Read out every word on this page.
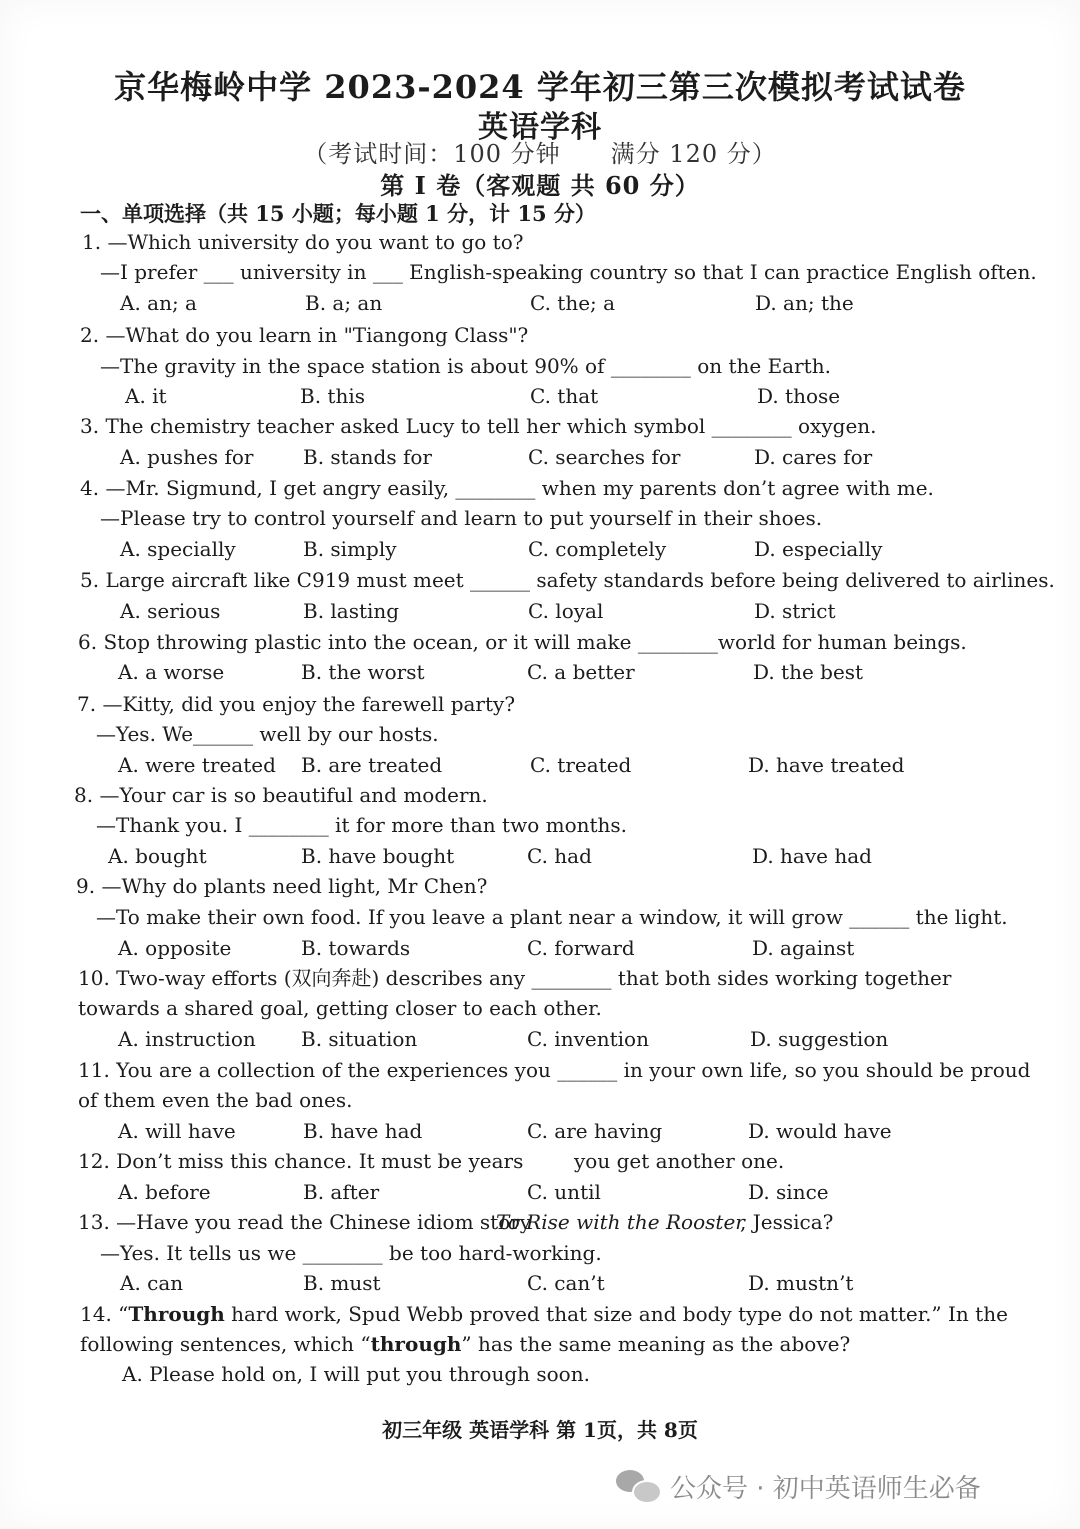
京华梅岭中学 2023-2024 学年初三第三次模拟考试试卷
英语学科
（考试时间：100 分钟　　满分 120 分）
第 I 卷（客观题 共 60 分）
一、单项选择（共 15 小题；每小题 1 分，计 15 分）
1. —Which university do you want to go to?
—I prefer ___ university in ___ English-speaking country so that I can practice English often.
A. an; a	B. a; an	C. the; a	D. an; the
2. —What do you learn in "Tiangong Class"?
—The gravity in the space station is about 90% of ________ on the Earth.
A. it	B. this	C. that	D. those
3. The chemistry teacher asked Lucy to tell her which symbol ________ oxygen.
A. pushes for B. stands for	C. searches for	D. cares for
4. —Mr. Sigmund, I get angry easily, ________ when my parents don’t agree with me.
—Please try to control yourself and learn to put yourself in their shoes.
A. specially	B. simply	C. completely	D. especially
5. Large aircraft like C919 must meet ______ safety standards before being delivered to airlines.
A. serious	B. lasting	C. loyal	D. strict
6. Stop throwing plastic into the ocean, or it will make ________world for human beings.
A. a worse	B. the worst	C. a better	D. the best
7. —Kitty, did you enjoy the farewell party?
—Yes. We______ well by our hosts.
A. were treated B. are treated	C. treated	D. have treated
8. —Your car is so beautiful and modern.
—Thank you. I ________ it for more than two months.
A. bought	B. have bought	C. had	D. have had
9. —Why do plants need light, Mr Chen?
—To make their own food. If you leave a plant near a window, it will grow ______ the light.
A. opposite	B. towards	C. forward	D. against
10. Two-way efforts (双向奔赴) describes any ________ that both sides working together
towards a shared goal, getting closer to each other.
A. instruction B. situation	C. invention	D. suggestion
11. You are a collection of the experiences you ______ in your own life, so you should be proud
of them even the bad ones.
A. will have	B. have had	C. are having	D. would have
12. Don’t miss this chance. It must be years	you get another one.
A. before	B. after	C. until	D. since
13. —Have you read the Chinese idiom story
To Rise with the Rooster
, Jessica?
—Yes. It tells us we ________ be too hard-working.
A. can	B. must	C. can’t	D. mustn’t
14. “Through hard work, Spud Webb proved that size and body type do not matter.” In the
following sentences, which “through” has the same meaning as the above?
A. Please hold on, I will put you through soon.
初三年级 英语学科 第 1页，共 8页
公众号 · 初中英语师生必备
